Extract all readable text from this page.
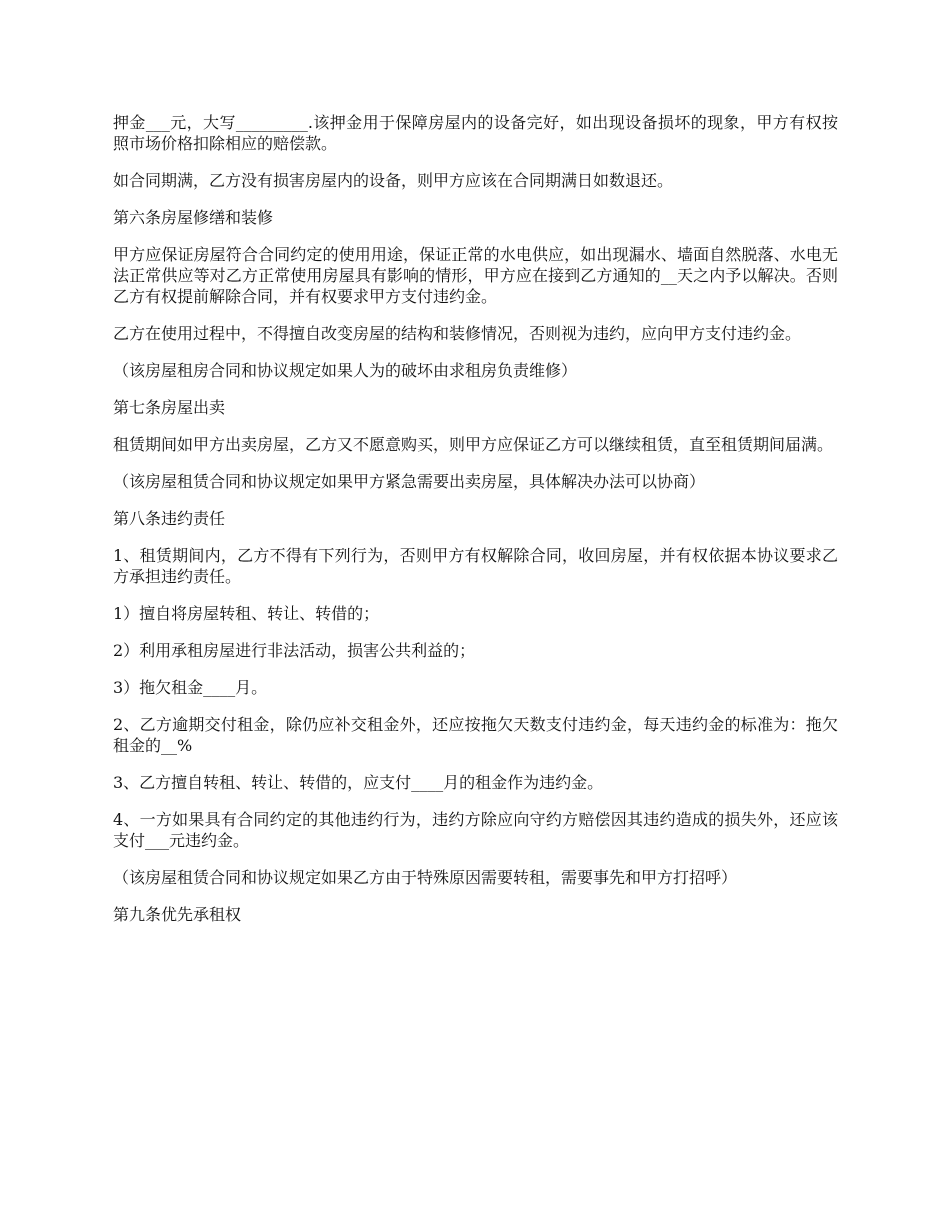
押金___元，大写_________.该押金用于保障房屋内的设备完好，如出现设备损坏的现象，甲方有权按照市场价格扣除相应的赔偿款。

如合同期满，乙方没有损害房屋内的设备，则甲方应该在合同期满日如数退还。

第六条房屋修缮和装修

甲方应保证房屋符合合同约定的使用用途，保证正常的水电供应，如出现漏水、墙面自然脱落、水电无法正常供应等对乙方正常使用房屋具有影响的情形，甲方应在接到乙方通知的__天之内予以解决。否则乙方有权提前解除合同，并有权要求甲方支付违约金。

乙方在使用过程中，不得擅自改变房屋的结构和装修情况，否则视为违约，应向甲方支付违约金。

（该房屋租房合同和协议规定如果人为的破坏由求租房负责维修）

第七条房屋出卖

租赁期间如甲方出卖房屋，乙方又不愿意购买，则甲方应保证乙方可以继续租赁，直至租赁期间届满。

（该房屋租赁合同和协议规定如果甲方紧急需要出卖房屋，具体解决办法可以协商）

第八条违约责任

1、租赁期间内，乙方不得有下列行为，否则甲方有权解除合同，收回房屋，并有权依据本协议要求乙方承担违约责任。

1）擅自将房屋转租、转让、转借的；

2）利用承租房屋进行非法活动，损害公共利益的；

3）拖欠租金____月。

2、乙方逾期交付租金，除仍应补交租金外，还应按拖欠天数支付违约金，每天违约金的标准为：拖欠租金的__%

3、乙方擅自转租、转让、转借的，应支付____月的租金作为违约金。

4、一方如果具有合同约定的其他违约行为，违约方除应向守约方赔偿因其违约造成的损失外，还应该支付___元违约金。

（该房屋租赁合同和协议规定如果乙方由于特殊原因需要转租，需要事先和甲方打招呼）

第九条优先承租权
